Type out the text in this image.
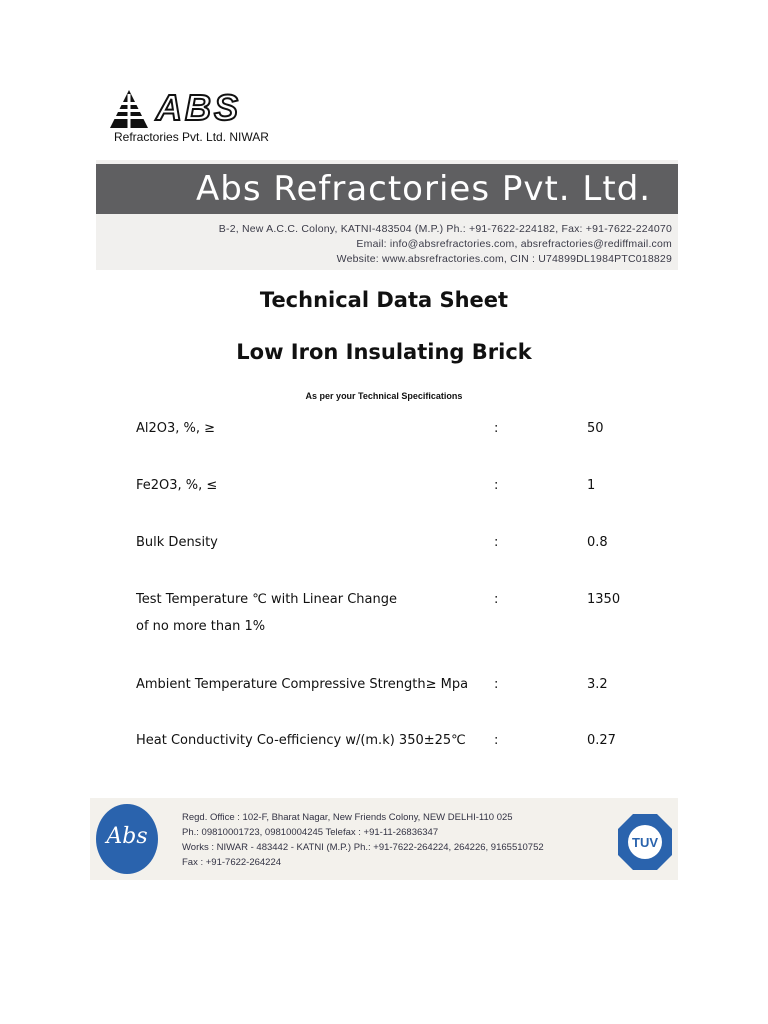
ABS
Refractories Pvt. Ltd. NIWAR
Abs Refractories Pvt. Ltd.
B-2, New A.C.C. Colony, KATNI-483504 (M.P.) Ph.: +91-7622-224182, Fax: +91-7622-224070
Email: info@absrefractories.com, absrefractories@rediffmail.com
Website: www.absrefractories.com, CIN : U74899DL1984PTC018829
Technical Data Sheet
Low Iron Insulating Brick
As per your Technical Specifications
Al2O3, %, ≥	:	50
Fe2O3, %, ≤	:	1
Bulk Density	:	0.8
Test Temperature ℃ with Linear Change	:	1350
of no more than 1%
Ambient Temperature Compressive Strength≥ Mpa :	3.2
Heat Conductivity Co-efficiency w/(m.k) 350±25℃ :	0.27
Abs
Regd. Office : 102-F, Bharat Nagar, New Friends Colony, NEW DELHI-110 025
Ph.: 09810001723, 09810004245 Telefax : +91-11-26836347
Works : NIWAR - 483442 - KATNI (M.P.) Ph.: +91-7622-264224, 264226, 9165510752
Fax : +91-7622-264224
TUV
